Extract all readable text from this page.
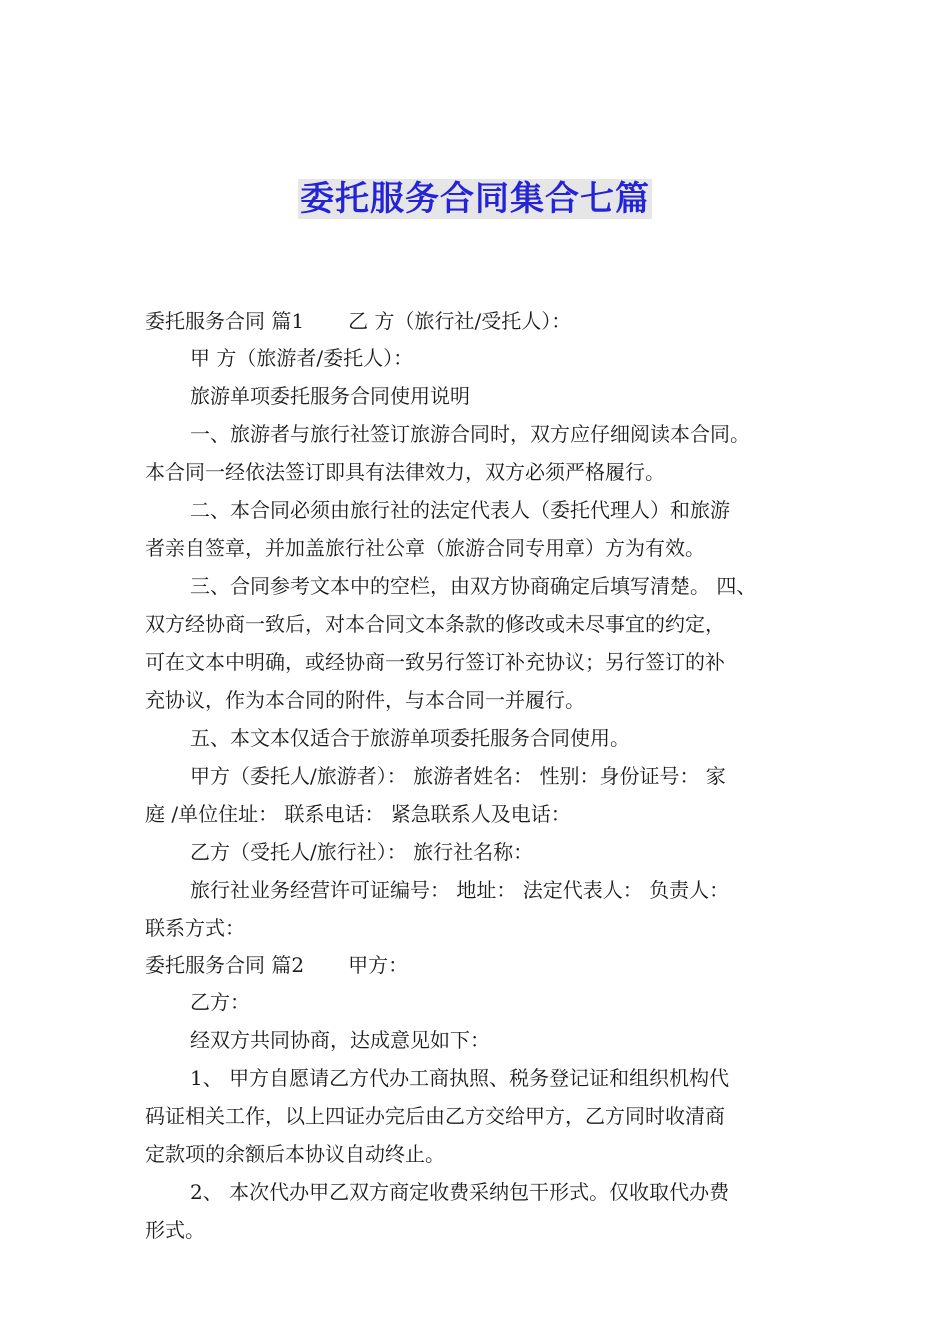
委托服务合同集合七篇
委托服务合同 篇1 乙 方（旅行社/受托人）：
甲 方（旅游者/委托人）：
旅游单项委托服务合同使用说明
一、旅游者与旅行社签订旅游合同时，双方应仔细阅读本合同。
本合同一经依法签订即具有法律效力，双方必须严格履行。
二、本合同必须由旅行社的法定代表人（委托代理人）和旅游
者亲自签章，并加盖旅行社公章（旅游合同专用章）方为有效。
三、合同参考文本中的空栏，由双方协商确定后填写清楚。 四、
双方经协商一致后，对本合同文本条款的修改或未尽事宜的约定，
可在文本中明确，或经协商一致另行签订补充协议；另行签订的补
充协议，作为本合同的附件，与本合同一并履行。
五、本文本仅适合于旅游单项委托服务合同使用。
甲方（委托人/旅游者）： 旅游者姓名： 性别：身份证号： 家
庭 /单位住址： 联系电话： 紧急联系人及电话：
乙方（受托人/旅行社）： 旅行社名称：
旅行社业务经营许可证编号： 地址： 法定代表人： 负责人：
联系方式：
委托服务合同 篇2 甲方：
乙方：
经双方共同协商，达成意见如下：
1、 甲方自愿请乙方代办工商执照、税务登记证和组织机构代
码证相关工作，以上四证办完后由乙方交给甲方，乙方同时收清商
定款项的余额后本协议自动终止。
2、 本次代办甲乙双方商定收费采纳包干形式。仅收取代办费
形式。
